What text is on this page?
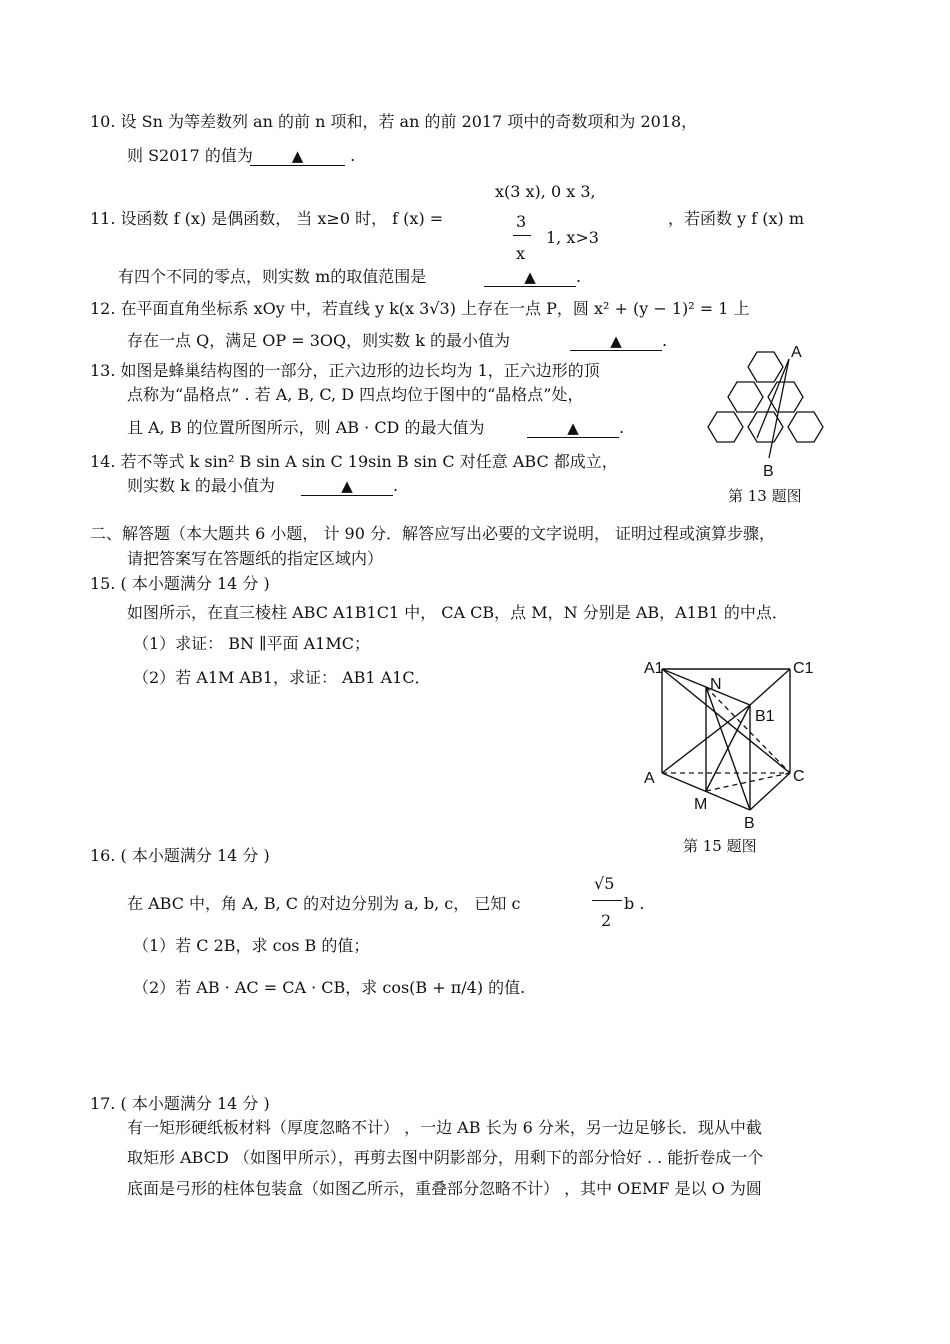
10. 设 Sn 为等差数列 an 的前 n 项和，若 an 的前 2017 项中的奇数项和为 2018，
则 S2017 的值为	▲	.
x(3 x), 0 x 3,
11. 设函数 f (x) 是偶函数， 当 x≥0 时， f (x) =	，若函数 y f (x) m
3
1, x>3
x
有四个不同的零点，则实数 m的取值范围是	▲	.
12. 在平面直角坐标系 xOy 中，若直线 y k(x 3√3) 上存在一点 P，圆 x² + (y − 1)² = 1 上
存在一点 Q，满足 OP = 3OQ，则实数 k 的最小值为	▲	.
13. 如图是蜂巢结构图的一部分，正六边形的边长均为 1，正六边形的顶
点称为“晶格点” . 若 A, B, C, D 四点均位于图中的“晶格点”处，
且 A, B 的位置所图所示，则 AB · CD 的最大值为	▲	.
14. 若不等式 k sin² B sin A sin C 19sin B sin C 对任意 ABC 都成立，
则实数 k 的最小值为	▲	.
A
B
第 13 题图
二、解答题（本大题共 6 小题， 计 90 分．解答应写出必要的文字说明， 证明过程或演算步骤，
请把答案写在答题纸的指定区域内）
15. ( 本小题满分 14 分 )
如图所示，在直三棱柱 ABC A1B1C1 中， CA CB，点 M，N 分别是 AB，A1B1 的中点．
（1）求证： BN ∥平面 A1MC；
（2）若 A1M AB1，求证： AB1 A1C．	A1	C1
N
B1
A	C
M
B
第 15 题图
16. ( 本小题满分 14 分 )
在 ABC 中，角 A, B, C 的对边分别为 a, b, c， 已知 c
√5
2
b .
（1）若 C 2B，求 cos B 的值；
（2）若 AB · AC = CA · CB，求 cos(B + π/4) 的值.
17. ( 本小题满分 14 分 )
有一矩形硬纸板材料（厚度忽略不计） ，一边 AB 长为 6 分米，另一边足够长．现从中截
取矩形 ABCD （如图甲所示），再剪去图中阴影部分，用剩下的部分恰好 . . 能折卷成一个
底面是弓形的柱体包装盒（如图乙所示，重叠部分忽略不计） ，其中 OEMF 是以 O 为圆
